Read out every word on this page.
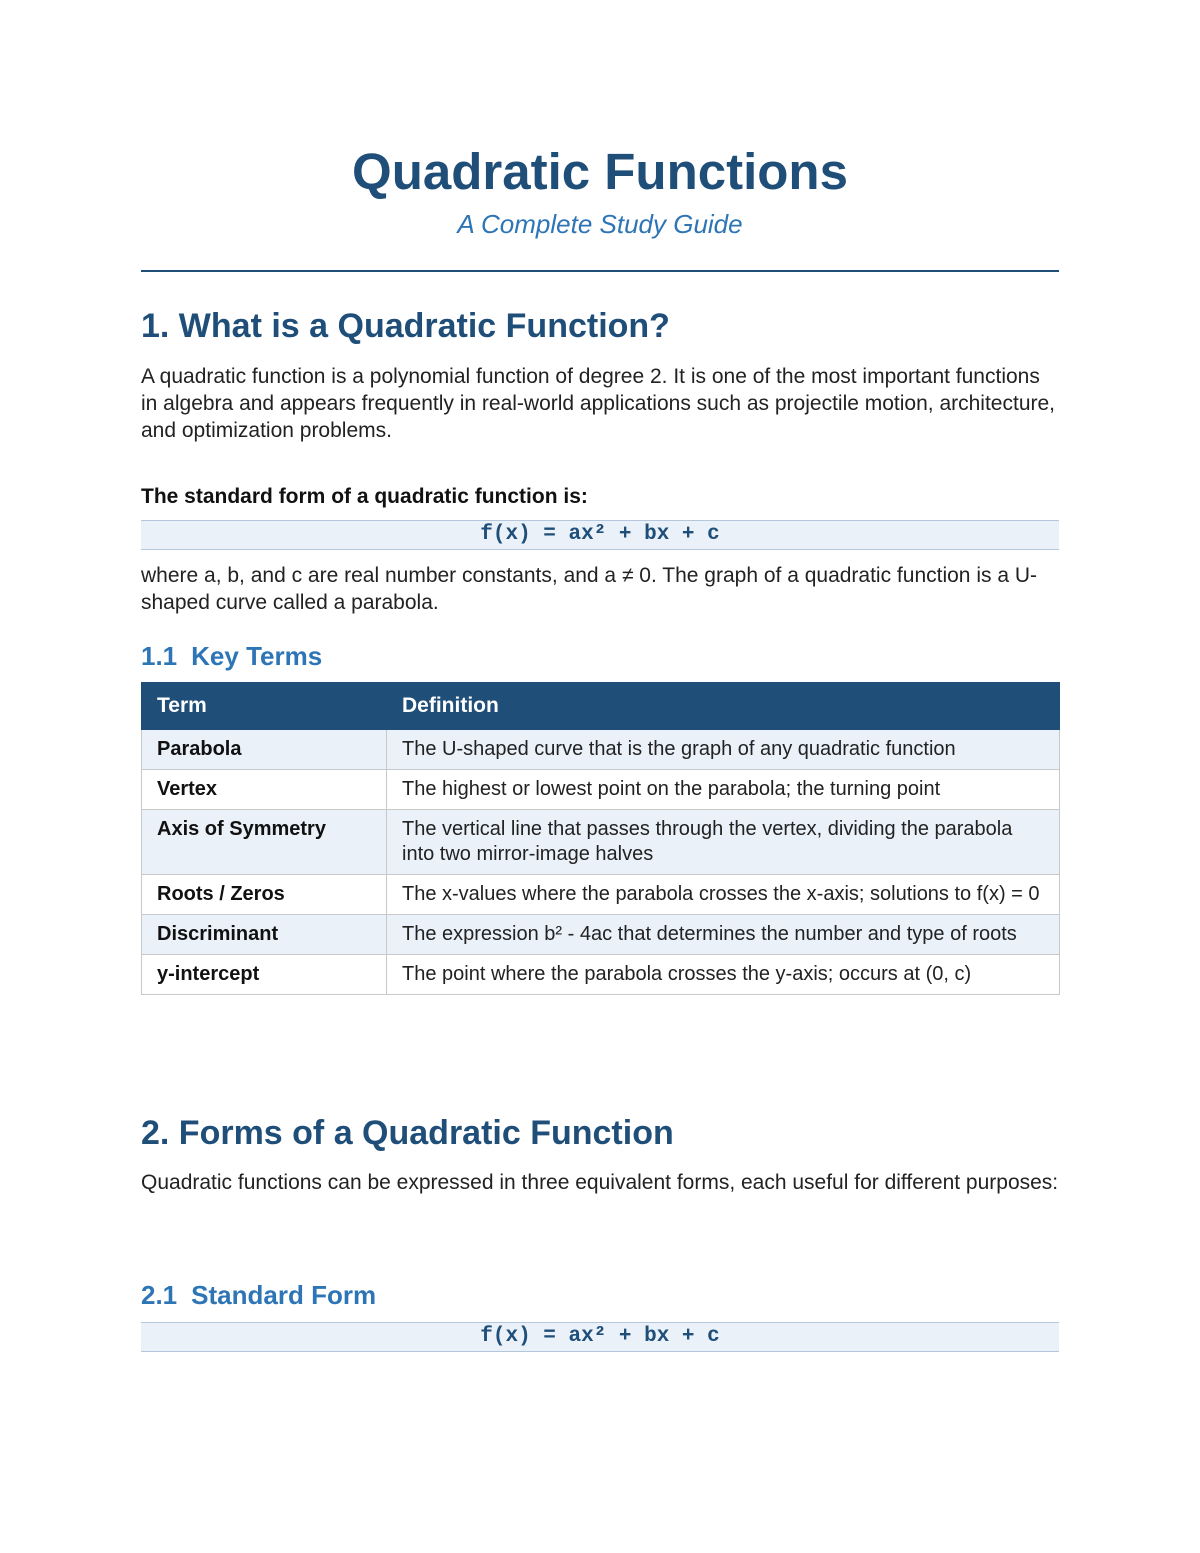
Quadratic Functions
A Complete Study Guide
1. What is a Quadratic Function?

A quadratic function is a polynomial function of degree 2. It is one of the most important functions in algebra and appears frequently in real-world applications such as projectile motion, architecture, and optimization problems.

The standard form of a quadratic function is:

f(x) = ax² + bx + c

where a, b, and c are real number constants, and a ≠ 0. The graph of a quadratic function is a U-shaped curve called a parabola.

1.1 Key Terms
Term	Definition
Parabola	The U-shaped curve that is the graph of any quadratic function
Vertex	The highest or lowest point on the parabola; the turning point
Axis of Symmetry	The vertical line that passes through the vertex, dividing the parabola into two mirror-image halves
Roots / Zeros	The x-values where the parabola crosses the x-axis; solutions to f(x) = 0
Discriminant	The expression b² - 4ac that determines the number and type of roots
y-intercept	The point where the parabola crosses the y-axis; occurs at (0, c)
2. Forms of a Quadratic Function

Quadratic functions can be expressed in three equivalent forms, each useful for different purposes:

2.1 Standard Form
f(x) = ax² + bx + c
